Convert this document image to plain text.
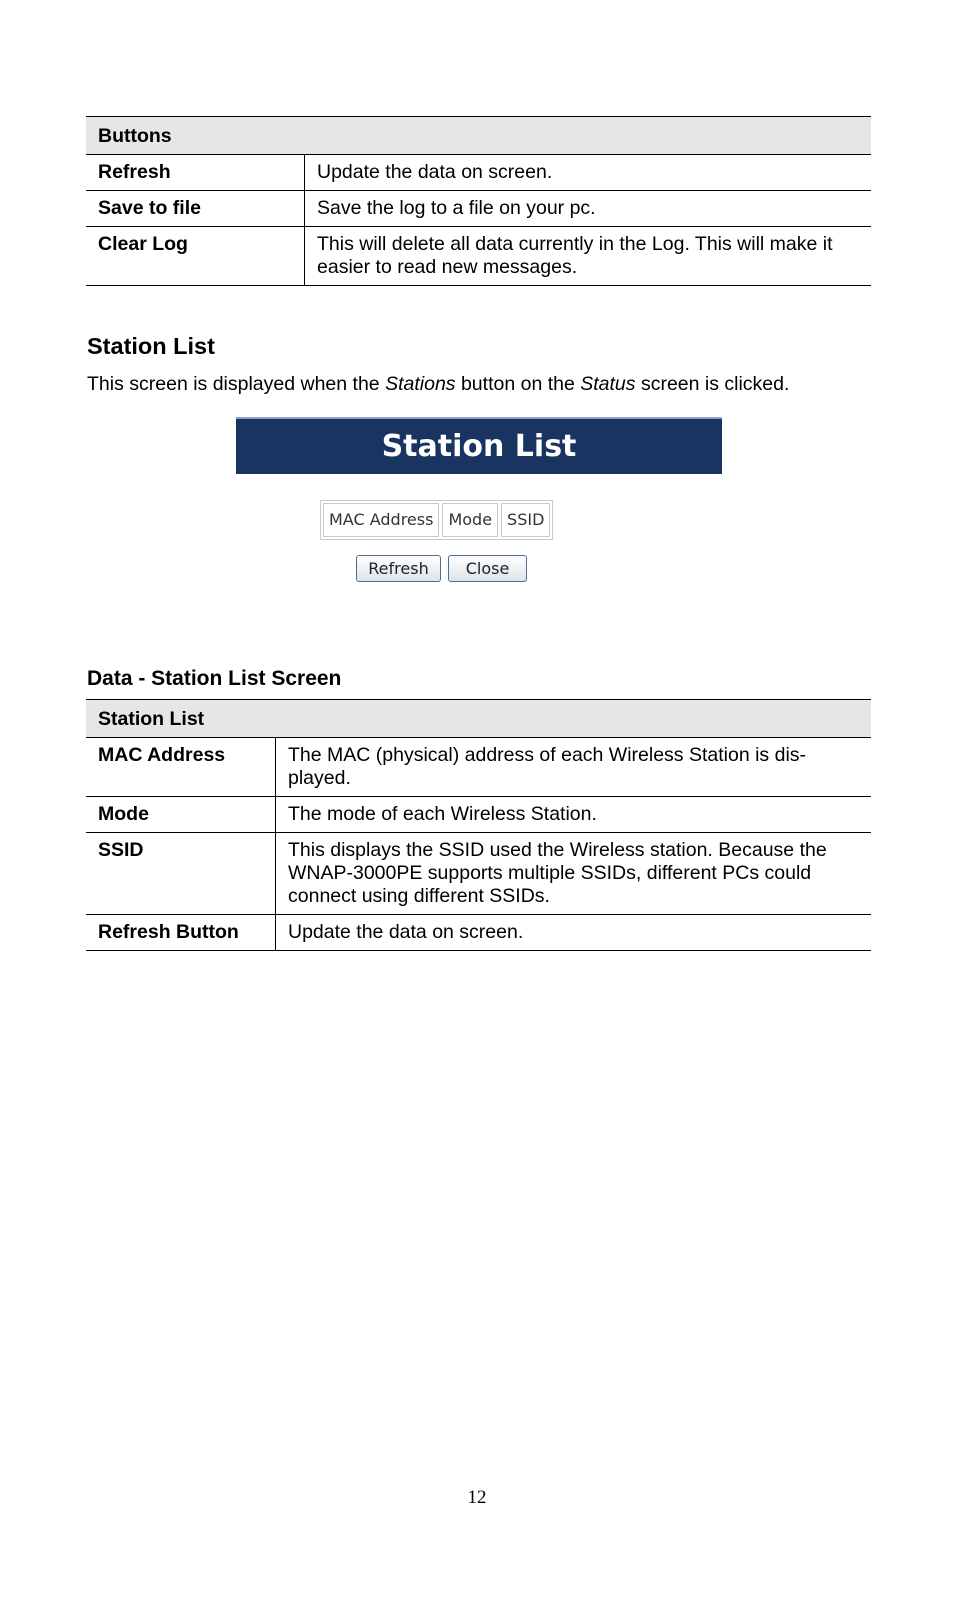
Buttons	
Refresh	Update the data on screen.
Save to file	Save the log to a file on your pc.
Clear Log	This will delete all data currently in the Log. This will make it easier to read new messages.
Station List

This screen is displayed when the Stations button on the Status screen is clicked.

Station List
MAC Address Mode SSID
Refresh	Close
Data - Station List Screen
Station List	
MAC Address	The MAC (physical) address of each Wireless Station is dis-played.
Mode	The mode of each Wireless Station.
SSID	This displays the SSID used the Wireless station. Because the WNAP-3000PE supports multiple SSIDs, different PCs could connect using different SSIDs.
Refresh Button	Update the data on screen.
12
